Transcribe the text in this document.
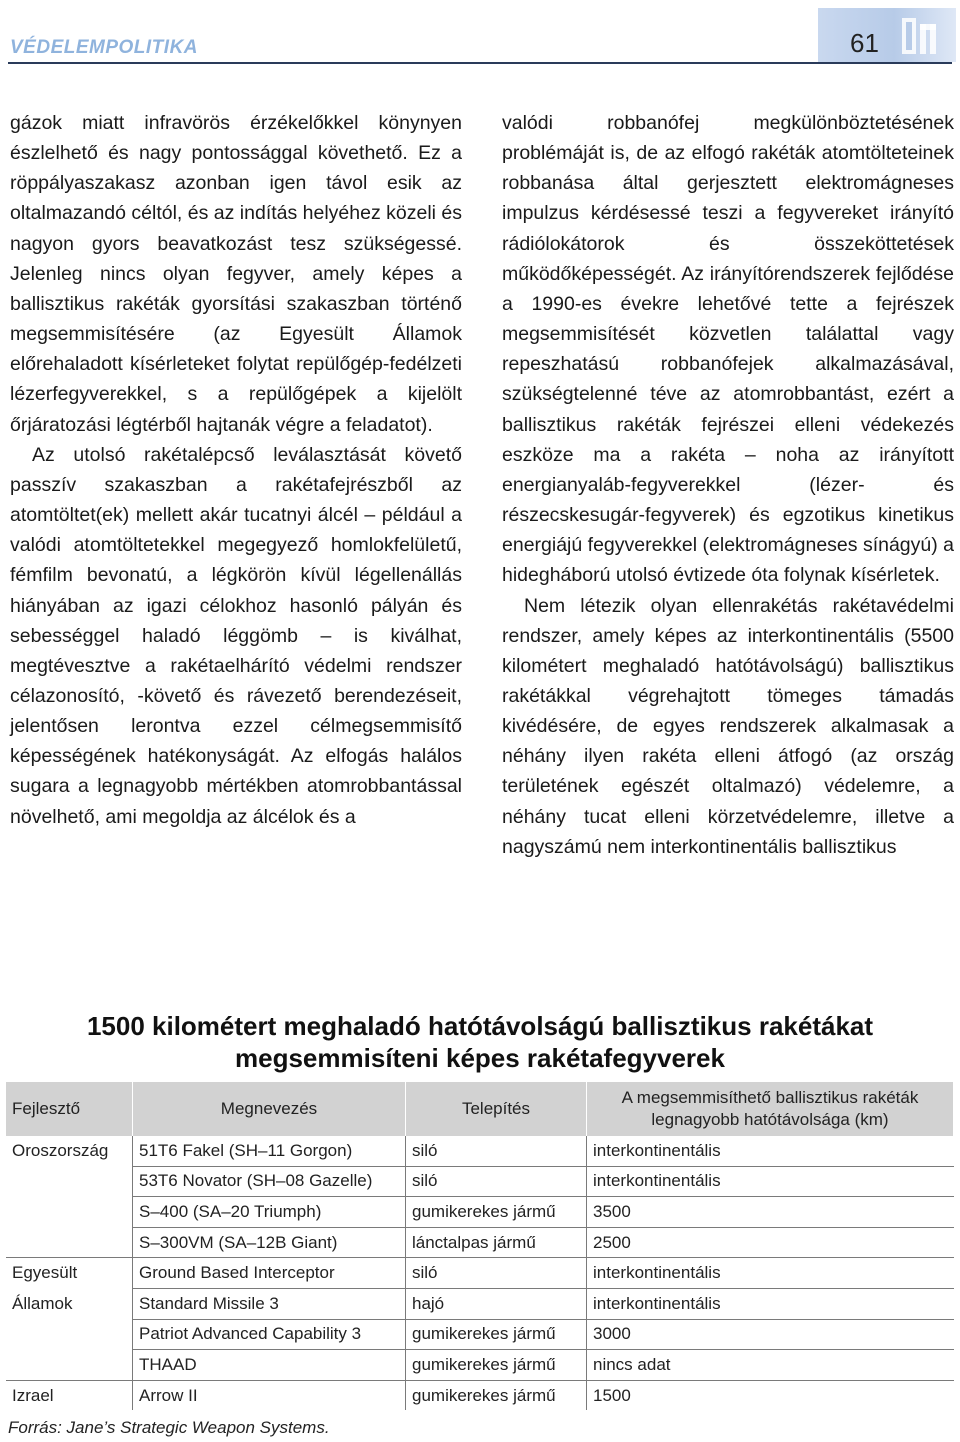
VÉDELEMPOLITIKA	61

gázok miatt infravörös érzékelőkkel könynyen észlelhető és nagy pontossággal követhető. Ez a röppályaszakasz azonban igen távol esik az oltalmazandó céltól, és az indítás helyéhez közeli és nagyon gyors beavatkozást tesz szükségessé. Jelenleg nincs olyan fegyver, amely képes a ballisztikus rakéták gyorsítási szakaszban történő megsemmisítésére (az Egyesült Államok előrehaladott kísérleteket folytat repülőgép-fedélzeti lézerfegyverekkel, s a repülőgépek a kijelölt őrjáratozási légtérből hajtanák végre a feladatot).

Az utolsó rakétalépcső leválasztását követő passzív szakaszban a rakétafejrészből az atomtöltet(ek) mellett akár tucatnyi álcél – például a valódi atomtöltetekkel megegyező homlokfelületű, fémfilm bevonatú, a légkörön kívül légellenállás hiányában az igazi célokhoz hasonló pályán és sebességgel haladó léggömb – is kiválhat, megtévesztve a rakétaelhárító védelmi rendszer célazonosító, -követő és rávezető berendezéseit, jelentősen lerontva ezzel célmegsemmisítő képességének hatékonyságát. Az elfogás halálos sugara a legnagyobb mértékben atomrobbantással növelhető, ami megoldja az álcélok és a

valódi robbanófej megkülönböztetésének problémáját is, de az elfogó rakéták atomtölteteinek robbanása által gerjesztett elektromágneses impulzus kérdésessé teszi a fegyvereket irányító rádiólokátorok és összeköttetések működőképességét. Az irányítórendszerek fejlődése a 1990-es évekre lehetővé tette a fejrészek megsemmisítését közvetlen találattal vagy repeszhatású robbanófejek alkalmazásával, szükségtelenné téve az atomrobbantást, ezért a ballisztikus rakéták fejrészei elleni védekezés eszköze ma a rakéta – noha az irányított energianyaláb-fegyverekkel (lézer- és részecskesugár-fegyverek) és egzotikus kinetikus energiájú fegyverekkel (elektromágneses sínágyú) a hidegháború utolsó évtizede óta folynak kísérletek.

Nem létezik olyan ellenrakétás rakétavédelmi rendszer, amely képes az interkontinentális (5500 kilométert meghaladó hatótávolságú) ballisztikus rakétákkal végrehajtott tömeges támadás kivédésére, de egyes rendszerek alkalmasak a néhány ilyen rakéta elleni átfogó (az ország területének egészét oltalmazó) védelemre, a néhány tucat elleni körzetvédelemre, illetve a nagyszámú nem interkontinentális ballisztikus

1500 kilométert meghaladó hatótávolságú ballisztikus rakétákat
megsemmisíteni képes rakétafegyverek
Fejlesztő	Megnevezés	Telepítés	A megsemmisíthető ballisztikus rakéták legnagyobb hatótávolsága (km)
Oroszország	51T6 Fakel (SH–11 Gorgon)	siló	interkontinentális
	53T6 Novator (SH–08 Gazelle)	siló	interkontinentális
	S–400 (SA–20 Triumph)	gumikerekes jármű	3500
	S–300VM (SA–12B Giant)	lánctalpas jármű	2500
Egyesült	Ground Based Interceptor	siló	interkontinentális
Államok	Standard Missile 3	hajó	interkontinentális
	Patriot Advanced Capability 3	gumikerekes jármű	3000
	THAAD	gumikerekes jármű	nincs adat
Izrael	Arrow II	gumikerekes jármű	1500
Forrás: Jane’s Strategic Weapon Systems.
